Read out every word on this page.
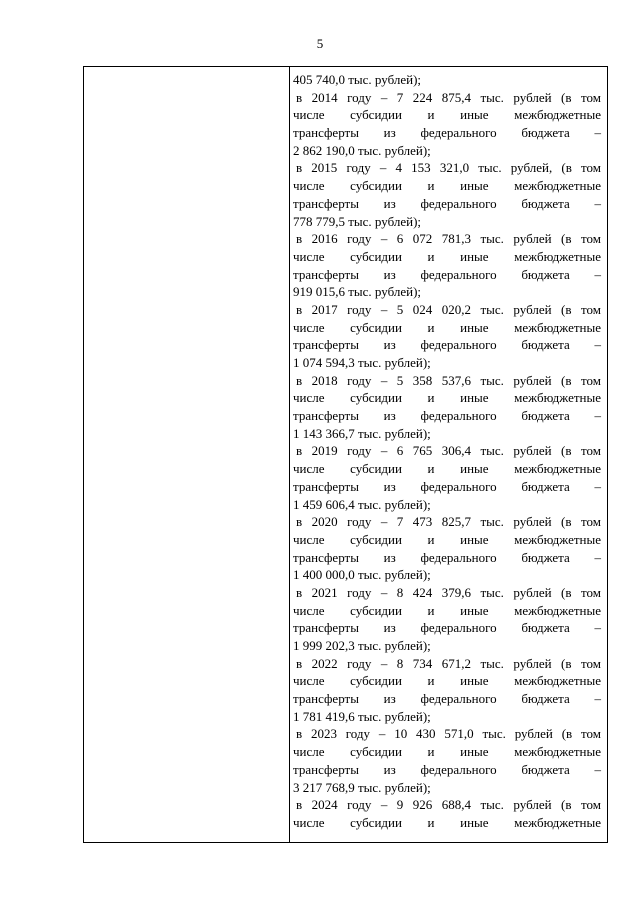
5
405 740,0 тыс. рублей);
в 2014 году – 7 224 875,4 тыс. рублей (в том
числе субсидии и иные межбюджетные
трансферты из федерального бюджета –
2 862 190,0 тыс. рублей);
в 2015 году – 4 153 321,0 тыс. рублей, (в том
числе субсидии и иные межбюджетные
трансферты из федерального бюджета –
778 779,5 тыс. рублей);
в 2016 году – 6 072 781,3 тыс. рублей (в том
числе субсидии и иные межбюджетные
трансферты из федерального бюджета –
919 015,6 тыс. рублей);
в 2017 году – 5 024 020,2 тыс. рублей (в том
числе субсидии и иные межбюджетные
трансферты из федерального бюджета –
1 074 594,3 тыс. рублей);
в 2018 году – 5 358 537,6 тыс. рублей (в том
числе субсидии и иные межбюджетные
трансферты из федерального бюджета –
1 143 366,7 тыс. рублей);
в 2019 году – 6 765 306,4 тыс. рублей (в том
числе субсидии и иные межбюджетные
трансферты из федерального бюджета –
1 459 606,4 тыс. рублей);
в 2020 году – 7 473 825,7 тыс. рублей (в том
числе субсидии и иные межбюджетные
трансферты из федерального бюджета –
1 400 000,0 тыс. рублей);
в 2021 году – 8 424 379,6 тыс. рублей (в том
числе субсидии и иные межбюджетные
трансферты из федерального бюджета –
1 999 202,3 тыс. рублей);
в 2022 году – 8 734 671,2 тыс. рублей (в том
числе субсидии и иные межбюджетные
трансферты из федерального бюджета –
1 781 419,6 тыс. рублей);
в 2023 году – 10 430 571,0 тыс. рублей (в том
числе субсидии и иные межбюджетные
трансферты из федерального бюджета –
3 217 768,9 тыс. рублей);
в 2024 году – 9 926 688,4 тыс. рублей (в том
числе субсидии и иные межбюджетные
